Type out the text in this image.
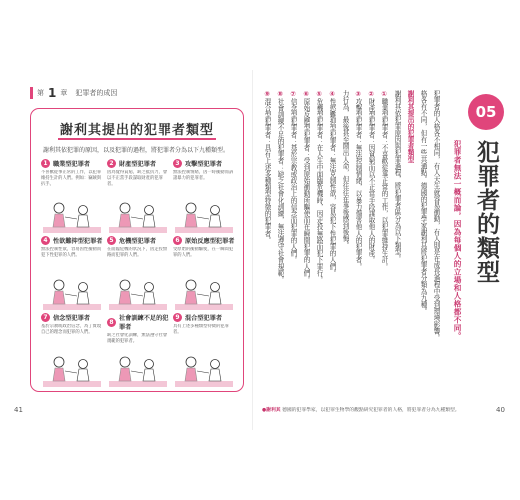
第 1 章 犯罪者的成因
謝利其提出的犯罪者類型
謝利其依犯罪的原因，以及犯罪的過程，將犯罪者分為以下九種類型。
1 職業型犯罪者

不喜歡從事正常的工作，以犯罪維持生計的人們。例如：竊賊與扒手。

2 財產型犯罪者

因為覺得貧窮，缺乏抵抗力，會以不正當手段謀取財產的犯罪者。

3 攻擊型犯罪者

無法控制情緒，因一時衝動而訴諸暴力的犯罪者。

4 性欲難抑型犯罪者

無法控制性欲，容易因性衝動而犯下性犯罪的人們。

5 危機型犯罪者

在面臨危機的狀況下，因走投無路而犯罪的人們。

6 原始反應型犯罪者

受原始的衝動驅使，在一瞬間犯罪的人們。

7 信念型犯罪者

基於宗教或政治信念，為了實現自己的理念而犯罪的人們。

8 社會訓練不足的犯罪者

缺乏社會化訓練，無法遵守社會規範的犯罪者。

9 混合型犯罪者

具有上述多種類型特徵的犯罪者。

41
05
犯罪者的類型
犯罪者無法一概而論，因為每個人的立場和人格都不同。
犯罪者的人格各不相同，有人天生就容易衝動，有人則是在成長過程中受到環境影響。
格各有不同，但有一些共通點。德國的犯罪學家謝利其將犯罪者分類為九種。
謝利其提出的犯罪者類型
謝利其依犯罪原因與犯罪過程，將犯罪者區分為以下類型。
①職業型犯罪者：不喜歡從事正常的工作，以犯罪維持生計。
②財產型犯罪者：因貧窮而以不正當手段謀取他人的財產。
③攻擊型犯罪者：無法控制情緒，以暴力傷害他人的犯罪者。
力行為，最後甚至鬧出人命，但往往在事後感到後悔。
④性慾難抑型犯罪者：無法克制性欲，容易犯下性犯罪的人們。
⑤危機型犯罪者：在人生中面臨危機時，因走投無路而犯下罪行。
⑥原始反應型犯罪者：受到原始衝動所驅使而在瞬間犯罪的人們。
⑦信念型犯罪者：基於宗教或政治上的信念而犯罪的人們。
⑧社會訓練不足的犯罪者：缺乏社會化訓練，無法遵守社會規範。
⑨混合型犯罪者：具有上述多種類型特徵的犯罪者。
●謝利其 德國的犯罪學家，以犯罪生物學的觀點研究犯罪者的人格，將犯罪者分為九種類型。	40
